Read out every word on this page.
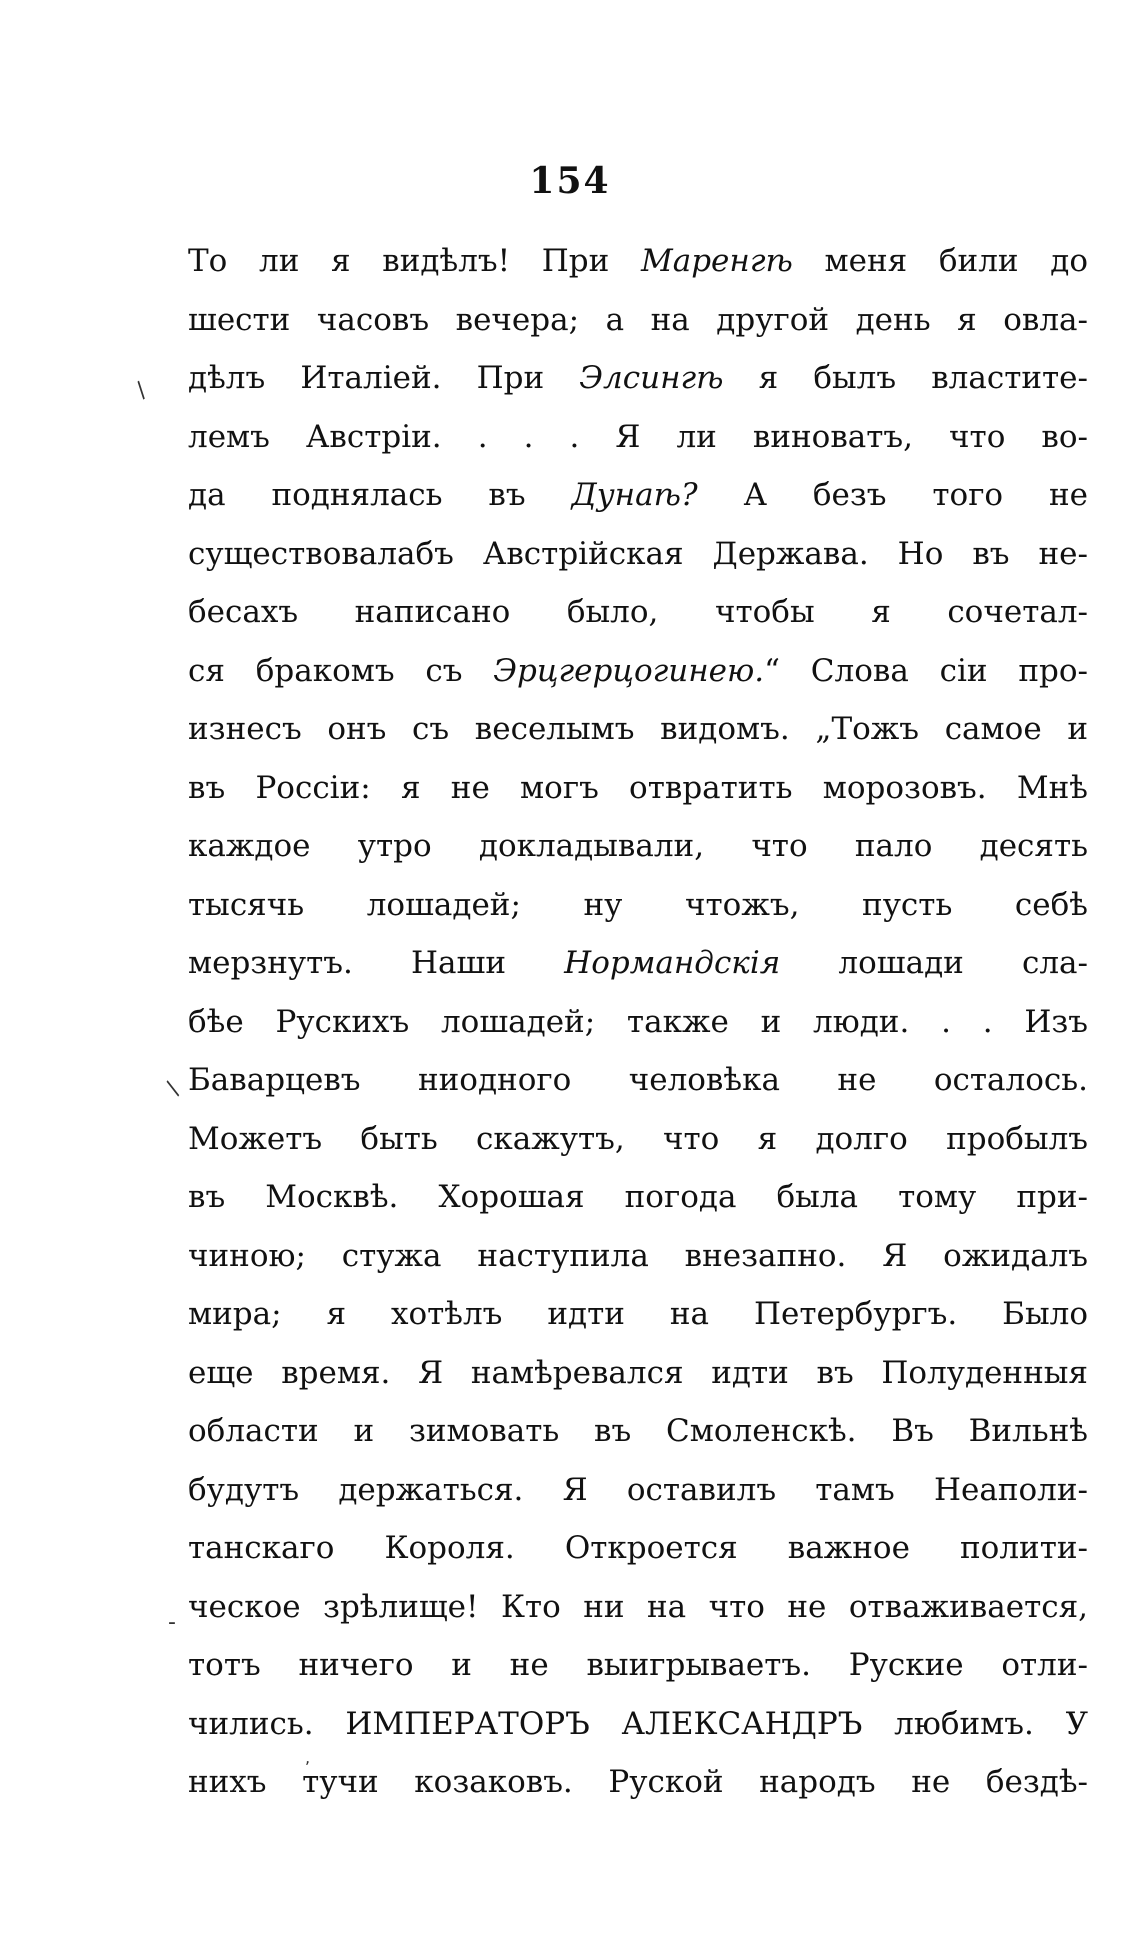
154
То ли я видѣлъ! При Маренгѣ меня били до
шести часовъ вечера; а на другой день я овла-
дѣлъ Италіей. При Элсингѣ я былъ властите-
лемъ Австріи. . . . Я ли виноватъ, что во-
да поднялась въ Дунаѣ? А безъ того не
существовалабъ Австрійская Держава. Но въ не-
бесахъ написано было, чтобы я сочетал-
ся бракомъ съ Эрцгерцогинею.“ Слова сіи про-
изнесъ онъ съ веселымъ видомъ. „Тожъ самое и
въ Россіи: я не могъ отвратить морозовъ. Мнѣ
каждое утро докладывали, что пало десять
тысячь лошадей; ну чтожъ, пусть себѣ
мерзнутъ. Наши Нормандскія лошади сла-
бѣе Рускихъ лошадей; также и люди. . . Изъ
Баварцевъ ниодного человѣка не осталось.
Можетъ быть скажутъ, что я долго пробылъ
въ Москвѣ. Хорошая погода была тому при-
чиною; стужа наступила внезапно. Я ожидалъ
мира; я хотѣлъ идти на Петербургъ. Было
еще время. Я намѣревался идти въ Полуденныя
области и зимовать въ Смоленскѣ. Въ Вильнѣ
будутъ держаться. Я оставилъ тамъ Неаполи-
танскаго Короля. Откроется важное полити-
ческое зрѣлище! Кто ни на что не отваживается,
тотъ ничего и не выигрываетъ. Руские отли-
чились. ИМПЕРАТОРЪ АЛЕКСАНДРЪ любимъ. У
нихъ тучи козаковъ. Руской народъ не бездѣ-
/
/
‐
,
